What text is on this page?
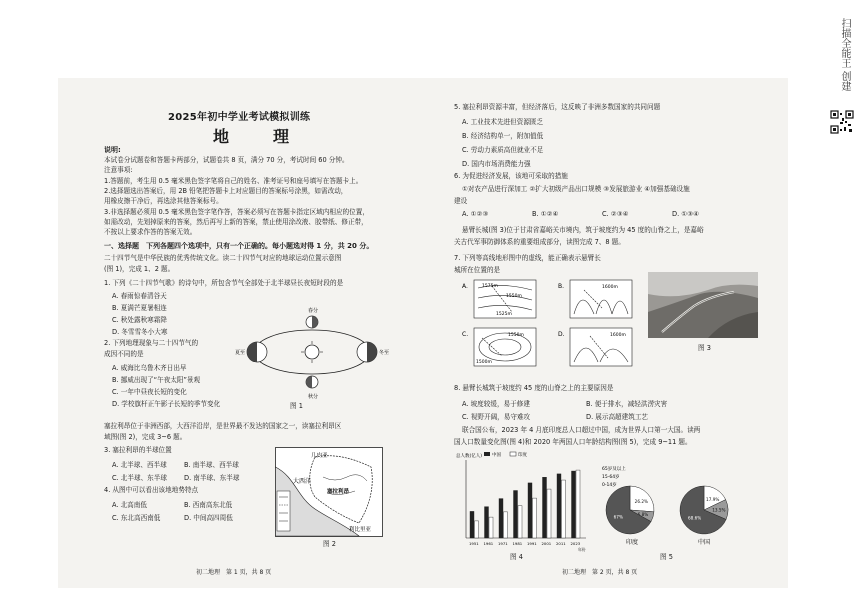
2025年初中学业考试模拟训练

地　理

说明:

本试卷分试题卷和答题卡两部分，试题卷共 8 页，满分 70 分，考试时间 60 分钟。

注意事项:

1.答题前，考生用 0.5 毫米黑色签字笔将自己的姓名、准考证号和座号填写在答题卡上。

2.选择题选出答案后，用 2B 铅笔把答题卡上对应题目的答案标号涂黑，如需改动，

用橡皮擦干净后，再选涂其他答案标号。

3.非选择题必须用 0.5 毫米黑色签字笔作答，答案必须写在答题卡指定区域内相应的位置，

如需改动，先划掉原来的答案，然后再写上新的答案，禁止使用涂改液、胶带纸、修正带，

不按以上要求作答的答案无效。

一、选择题　下列各题四个选项中，只有一个正确的。每小题选对得 1 分，共 20 分。

二十四节气是中华民族的优秀传统文化。读二十四节气对应的地球运动位置示意图

(图 1)，完成 1、2 题。

1. 下列《二十四节气歌》的诗句中，所包含节气全部处于北半球昼长夜短时段的是

A. 春雨惊春清谷天

B. 夏满芒夏暑相连

C. 秋处露秋寒霜降

D. 冬雪雪冬小大寒

2. 下列地理现象与二十四节气的

成因不同的是

A. 威海比乌鲁木齐日出早

B. 挪威出现了“午夜太阳”景观

C. 一年中昼夜长短的变化

D. 学校旗杆正午影子长短的季节变化

春分
夏至	冬至
秋分

图 1

塞拉利昂位于非洲西部，大西洋沿岸，是世界最不发达的国家之一，读塞拉利昂区

域图(图 2)，完成 3~6 题。

3. 塞拉利昂的半球位置

A. 北半球、西半球	B. 南半球、西半球

C. 北半球、东半球	D. 南半球、东半球

4. 从图中可以看出该地地势特点

A. 北高南低	B. 西南高东北低

C. 东北高西南低	D. 中间高四周低

几内亚
大西洋
塞拉利昂
利比里亚

图 2

初二地理　第 1 页，共 8 页

5. 塞拉利昂资源丰富，但经济落后，这反映了非洲多数国家的共同问题

A. 工业技术先进但资源匮乏

B. 经济结构单一，附加值低

C. 劳动力素质高但就业不足

D. 国内市场消费能力强

6. 为促进经济发展，该地可采取的措施

①对农产品进行深加工 ②扩大初级产品出口规模 ③发展旅游业 ④加强基础设施

建设

A. ①②③	B. ①②④	C. ②③④	D. ①③④

悬臂长城(图 3)位于甘肃省嘉峪关市境内，筑于坡度约为 45 度的山脊之上，是嘉峪

关古代军事防御体系的重要组成部分，读图完成 7、8 题。

7. 下列等高线地形图中的虚线，能正确表示悬臂长

城所在位置的是

A.	1575m
1550m
1525m
B.	1600m
C.	1550m
1500m
D.	1600m

图 3

8. 悬臂长城筑于坡度约 45 度的山脊之上的主要原因是

A. 坡度较缓，易于修建	B. 便于排水，减轻洪涝灾害

C. 视野开阔，易守难攻	D. 展示高超建筑工艺

联合国公布，2023 年 4 月底印度总人口超过中国，成为世界人口第一大国。读两

国人口数量变化图(图 4)和 2020 年两国人口年龄结构图(图 5)，完成 9~11 题。

总人数(亿人) 中国	印度
1951 1961 1971 1981 1991 2001 2011 2023
年份

图 4

26.2%
6.8%
67%
17.9%
13.5%
68.6%
65岁及以上
15-64岁
0-14岁
印度	中国

图 5

初二地理　第 2 页，共 8 页

扫描全能王 创建
